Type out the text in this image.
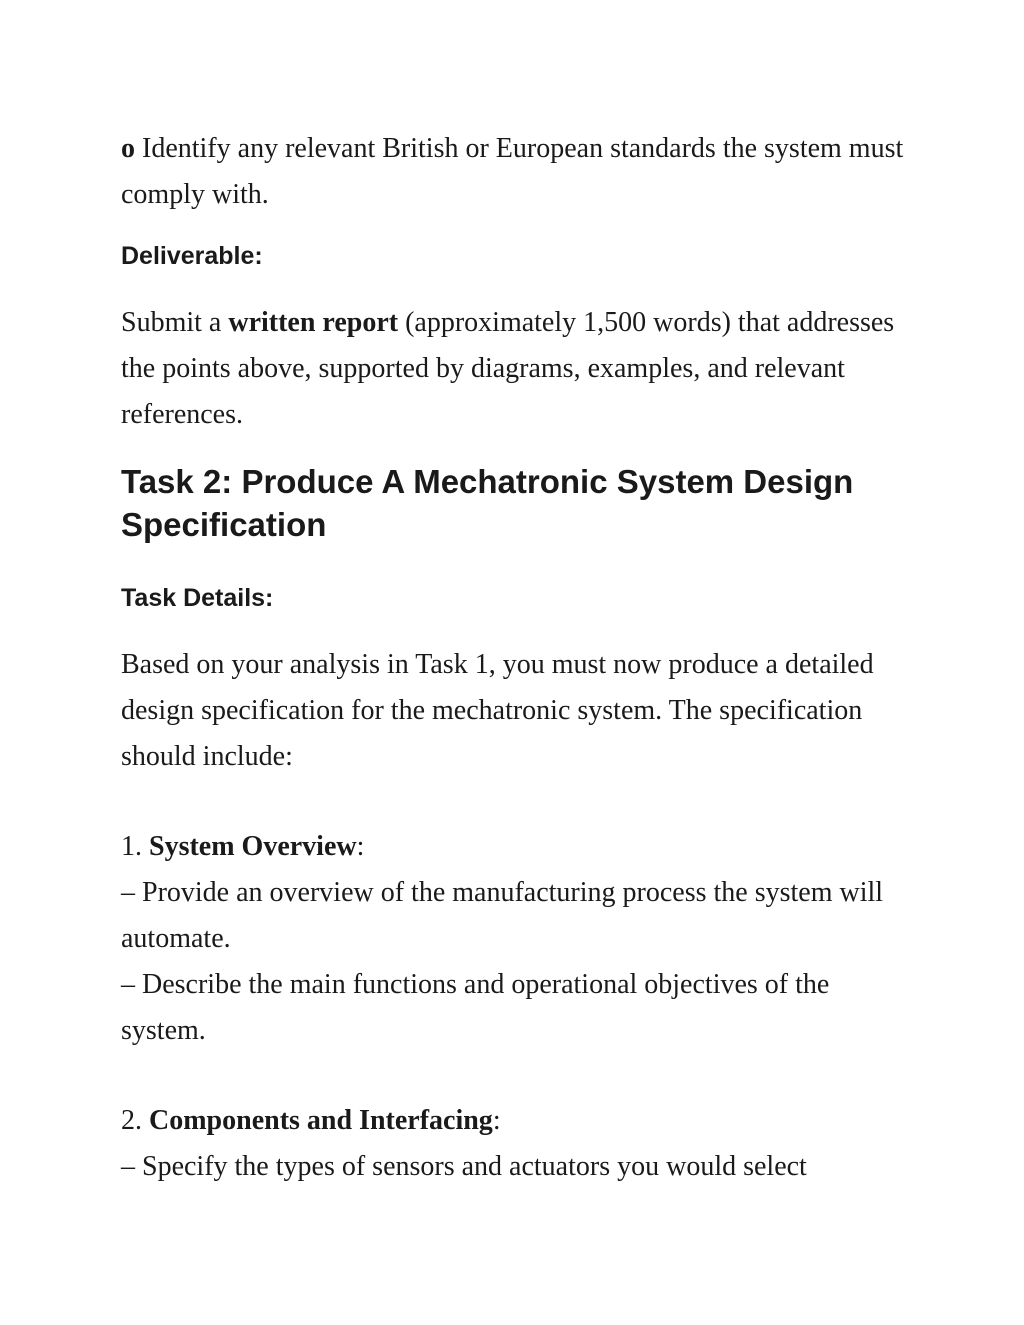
o Identify any relevant British or European standards the system must comply with.

Deliverable:

Submit a written report (approximately 1,500 words) that addresses the points above, supported by diagrams, examples, and relevant references.

Task 2: Produce A Mechatronic System Design Specification
Task Details:

Based on your analysis in Task 1, you must now produce a detailed design specification for the mechatronic system. The specification should include:

1. System Overview:

– Provide an overview of the manufacturing process the system will automate.

– Describe the main functions and operational objectives of the system.

2. Components and Interfacing:

– Specify the types of sensors and actuators you would select
